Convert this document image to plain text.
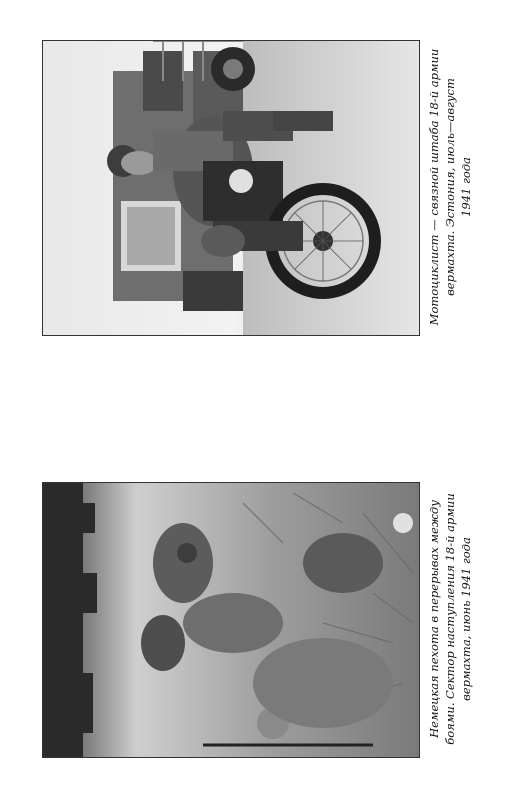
Мотоциклист — связной штаба 18-й армии вермахта. Эстония, июль—август 1941 года
Немецкая пехота в перерывах между боями. Сектор наступления 18-й армии вермахта, июнь 1941 года
